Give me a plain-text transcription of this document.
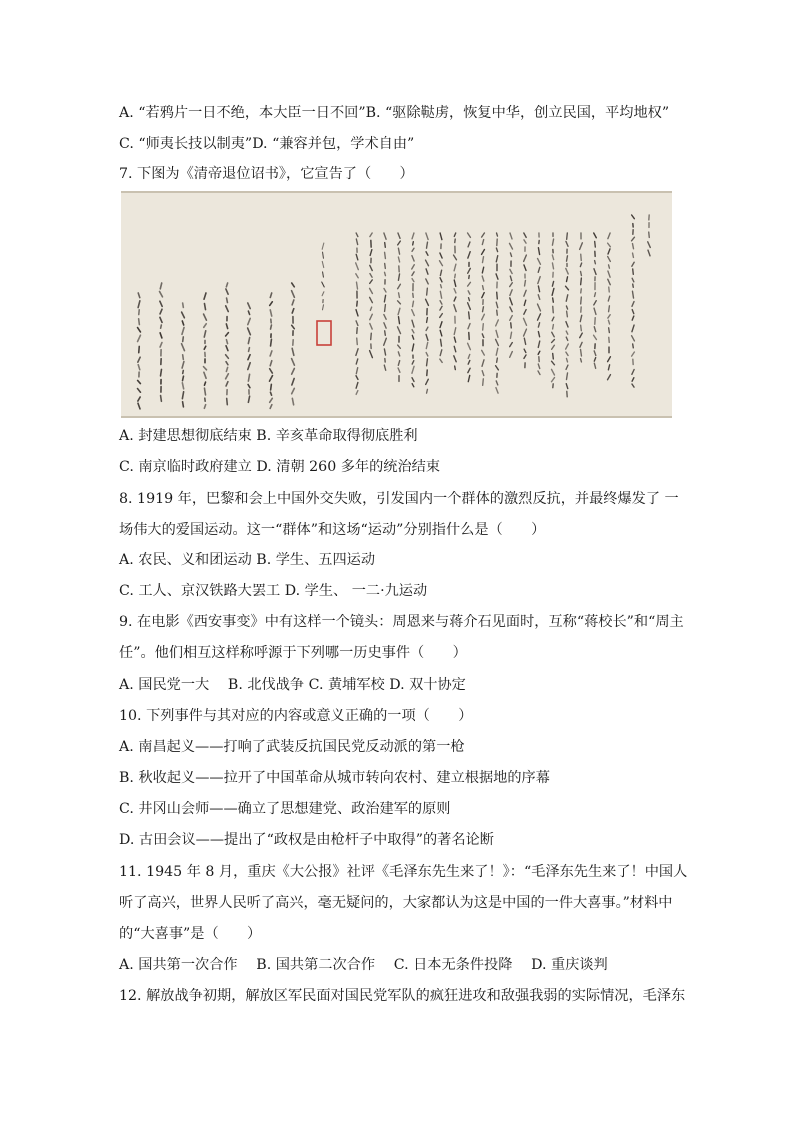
A. “若鸦片一日不绝，本大臣一日不回”B. “驱除鞑虏，恢复中华，创立民国，平均地权”
C. “师夷长技以制夷”D. “兼容并包，学术自由”
7. 下图为《清帝退位诏书》，它宣告了（　　）
A. 封建思想彻底结束 B. 辛亥革命取得彻底胜利
C. 南京临时政府建立 D. 清朝 260 多年的统治结束
8. 1919 年，巴黎和会上中国外交失败，引发国内一个群体的激烈反抗，并最终爆发了 一
场伟大的爱国运动。这一“群体”和这场“运动”分别指什么是（　　）
A. 农民、义和团运动 B. 学生、五四运动
C. 工人、京汉铁路大罢工 D. 学生、 一二·九运动
9. 在电影《西安事变》中有这样一个镜头：周恩来与蒋介石见面时，互称“蒋校长”和“周主
任”。他们相互这样称呼源于下列哪一历史事件（　　）
A. 国民党一大　 B. 北伐战争 C. 黄埔军校 D. 双十协定
10. 下列事件与其对应的内容或意义正确的一项（　　）
A. 南昌起义——打响了武装反抗国民党反动派的第一枪
B. 秋收起义——拉开了中国革命从城市转向农村、建立根据地的序幕
C. 井冈山会师——确立了思想建党、政治建军的原则
D. 古田会议——提出了“政权是由枪杆子中取得”的著名论断
11. 1945 年 8 月，重庆《大公报》社评《毛泽东先生来了！》：“毛泽东先生来了！中国人
听了高兴，世界人民听了高兴，毫无疑问的，大家都认为这是中国的一件大喜事。”材料中
的“大喜事”是（　　）
A. 国共第一次合作　 B. 国共第二次合作　 C. 日本无条件投降　 D. 重庆谈判
12. 解放战争初期，解放区军民面对国民党军队的疯狂进攻和敌强我弱的实际情况，毛泽东
